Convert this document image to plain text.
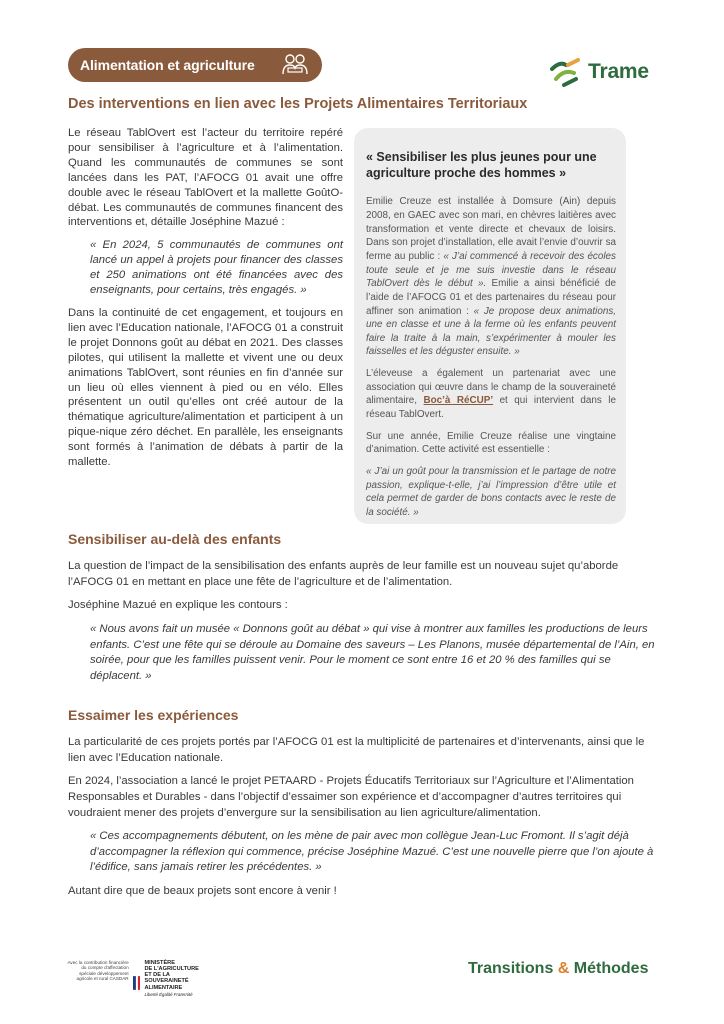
Alimentation et agriculture	Trame
Des interventions en lien avec les Projets Alimentaires Territoriaux

Le réseau TablOvert est l’acteur du territoire repéré pour sensibiliser à l’agriculture et à l’alimentation. Quand les communautés de communes se sont lancées dans les PAT, l’AFOCG 01 avait une offre double avec le réseau TablOvert et la mallette GoûtO-débat. Les communautés de communes financent des interventions et, détaille Joséphine Mazué :

« En 2024, 5 communautés de communes ont lancé un appel à projets pour financer des classes et 250 animations ont été financées avec des enseignants, pour certains, très engagés. »

Dans la continuité de cet engagement, et toujours en lien avec l’Education nationale, l’AFOCG 01 a construit le projet Donnons goût au débat en 2021. Des classes pilotes, qui utilisent la mallette et vivent une ou deux animations TablOvert, sont réunies en fin d’année sur un lieu où elles viennent à pied ou en vélo. Elles présentent un outil qu’elles ont créé autour de la thématique agriculture/alimentation et participent à un pique-nique zéro déchet. En parallèle, les enseignants sont formés à l’animation de débats à partir de la mallette.

« Sensibiliser les plus jeunes pour une agriculture proche des hommes »

Emilie Creuze est installée à Domsure (Ain) depuis 2008, en GAEC avec son mari, en chèvres laitières avec transformation et vente directe et chevaux de loisirs. Dans son projet d’installation, elle avait l’envie d’ouvrir sa ferme au public : « J’ai commencé à recevoir des écoles toute seule et je me suis investie dans le réseau TablOvert dès le début ». Emilie a ainsi bénéficié de l’aide de l’AFOCG 01 et des partenaires du réseau pour affiner son animation : « Je propose deux animations, une en classe et une à la ferme où les enfants peuvent faire la traite à la main, s’expérimenter à mouler les faisselles et les déguster ensuite. »

L’éleveuse a également un partenariat avec une association qui œuvre dans le champ de la souveraineté alimentaire, Boc’à RéCUP’ et qui intervient dans le réseau TablOvert.

Sur une année, Emilie Creuze réalise une vingtaine d’animation. Cette activité est essentielle :

« J’ai un goût pour la transmission et le partage de notre passion, explique-t-elle, j’ai l’impression d’être utile et cela permet de garder de bons contacts avec le reste de la société. »

Sensibiliser au-delà des enfants

La question de l’impact de la sensibilisation des enfants auprès de leur famille est un nouveau sujet qu’aborde l’AFOCG 01 en mettant en place une fête de l’agriculture et de l’alimentation.

Joséphine Mazué en explique les contours :

« Nous avons fait un musée « Donnons goût au débat » qui vise à montrer aux familles les productions de leurs enfants. C’est une fête qui se déroule au Domaine des saveurs – Les Planons, musée départemental de l’Ain, en soirée, pour que les familles puissent venir. Pour le moment ce sont entre 16 et 20 % des familles qui se déplacent. »

Essaimer les expériences

La particularité de ces projets portés par l’AFOCG 01 est la multiplicité de partenaires et d’intervenants, ainsi que le lien avec l’Education nationale.

En 2024, l’association a lancé le projet PETAARD - Projets Éducatifs Territoriaux sur l’Agriculture et l’Alimentation Responsables et Durables - dans l’objectif d’essaimer son expérience et d’accompagner d’autres territoires qui voudraient mener des projets d’envergure sur la sensibilisation au lien agriculture/alimentation.

« Ces accompagnements débutent, on les mène de pair avec mon collègue Jean-Luc Fromont. Il s’agit déjà d’accompagner la réflexion qui commence, précise Joséphine Mazué. C’est une nouvelle pierre que l’on ajoute à l’édifice, sans jamais retirer les précédentes. »

Autant dire que de beaux projets sont encore à venir !

Avec la contribution financière du compte d'affectation spéciale développement agricole et rural CASDAR
MINISTÈRE
DE L'AGRICULTURE
ET DE LA SOUVERAINETÉ
ALIMENTAIRE
Liberté Égalité Fraternité
Transitions & Méthodes
